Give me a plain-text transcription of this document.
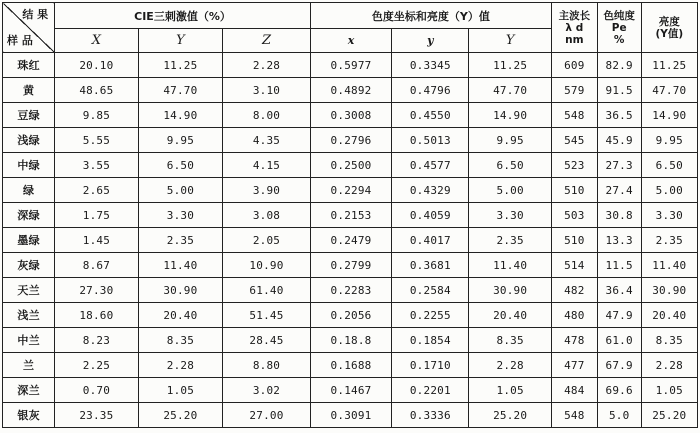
结 果
样 品	CIE三刺激值（%）			色度坐标和亮度（Y）值			主波长
λ d
nm	色纯度
Pe
%	亮度
(Y值)

	X	Y	Z	x	y	Y			
珠红	20.10	11.25	2.28	0.5977	0.3345	11.25	609	82.9	11.25
黄	48.65	47.70	3.10	0.4892	0.4796	47.70	579	91.5	47.70
豆绿	9.85	14.90	8.00	0.3008	0.4550	14.90	548	36.5	14.90
浅绿	5.55	9.95	4.35	0.2796	0.5013	9.95	545	45.9	9.95
中绿	3.55	6.50	4.15	0.2500	0.4577	6.50	523	27.3	6.50
绿	2.65	5.00	3.90	0.2294	0.4329	5.00	510	27.4	5.00
深绿	1.75	3.30	3.08	0.2153	0.4059	3.30	503	30.8	3.30
墨绿	1.45	2.35	2.05	0.2479	0.4017	2.35	510	13.3	2.35
灰绿	8.67	11.40	10.90	0.2799	0.3681	11.40	514	11.5	11.40
天兰	27.30	30.90	61.40	0.2283	0.2584	30.90	482	36.4	30.90
浅兰	18.60	20.40	51.45	0.2056	0.2255	20.40	480	47.9	20.40
中兰	8.23	8.35	28.45	0.18.8	0.1854	8.35	478	61.0	8.35
兰	2.25	2.28	8.80	0.1688	0.1710	2.28	477	67.9	2.28
深兰	0.70	1.05	3.02	0.1467	0.2201	1.05	484	69.6	1.05
银灰	23.35	25.20	27.00	0.3091	0.3336	25.20	548	5.0	25.20
